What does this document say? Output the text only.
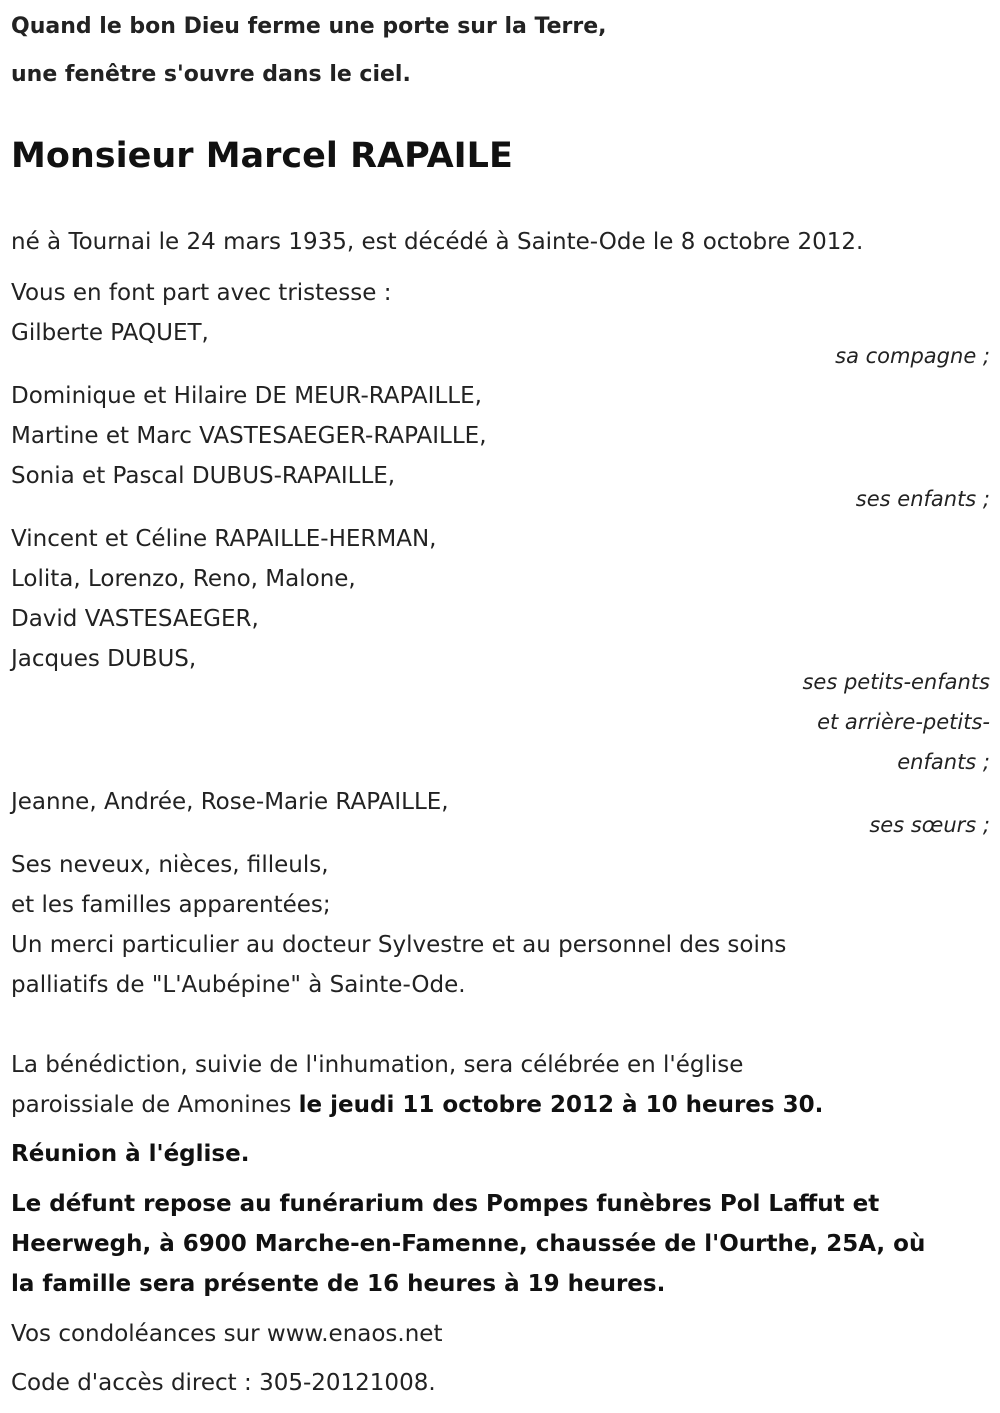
Quand le bon Dieu ferme une porte sur la Terre,
une fenêtre s'ouvre dans le ciel.
Monsieur Marcel RAPAILE
né à Tournai le 24 mars 1935, est décédé à Sainte-Ode le 8 octobre 2012.
Vous en font part avec tristesse :
Gilberte PAQUET,
sa compagne ;
Dominique et Hilaire DE MEUR-RAPAILLE,
Martine et Marc VASTESAEGER-RAPAILLE,
Sonia et Pascal DUBUS-RAPAILLE,
ses enfants ;
Vincent et Céline RAPAILLE-HERMAN,
Lolita, Lorenzo, Reno, Malone,
David VASTESAEGER,
Jacques DUBUS,
ses petits-enfants
et arrière-petits-
enfants ;
Jeanne, Andrée, Rose-Marie RAPAILLE,
ses sœurs ;
Ses neveux, nièces, filleuls,
et les familles apparentées;
Un merci particulier au docteur Sylvestre et au personnel des soins
palliatifs de "L'Aubépine" à Sainte-Ode.
La bénédiction, suivie de l'inhumation, sera célébrée en l'église
paroissiale de Amonines le jeudi 11 octobre 2012 à 10 heures 30.
Réunion à l'église.
Le défunt repose au funérarium des Pompes funèbres Pol Laffut et
Heerwegh, à 6900 Marche-en-Famenne, chaussée de l'Ourthe, 25A, où
la famille sera présente de 16 heures à 19 heures.
Vos condoléances sur www.enaos.net
Code d'accès direct : 305-20121008.
